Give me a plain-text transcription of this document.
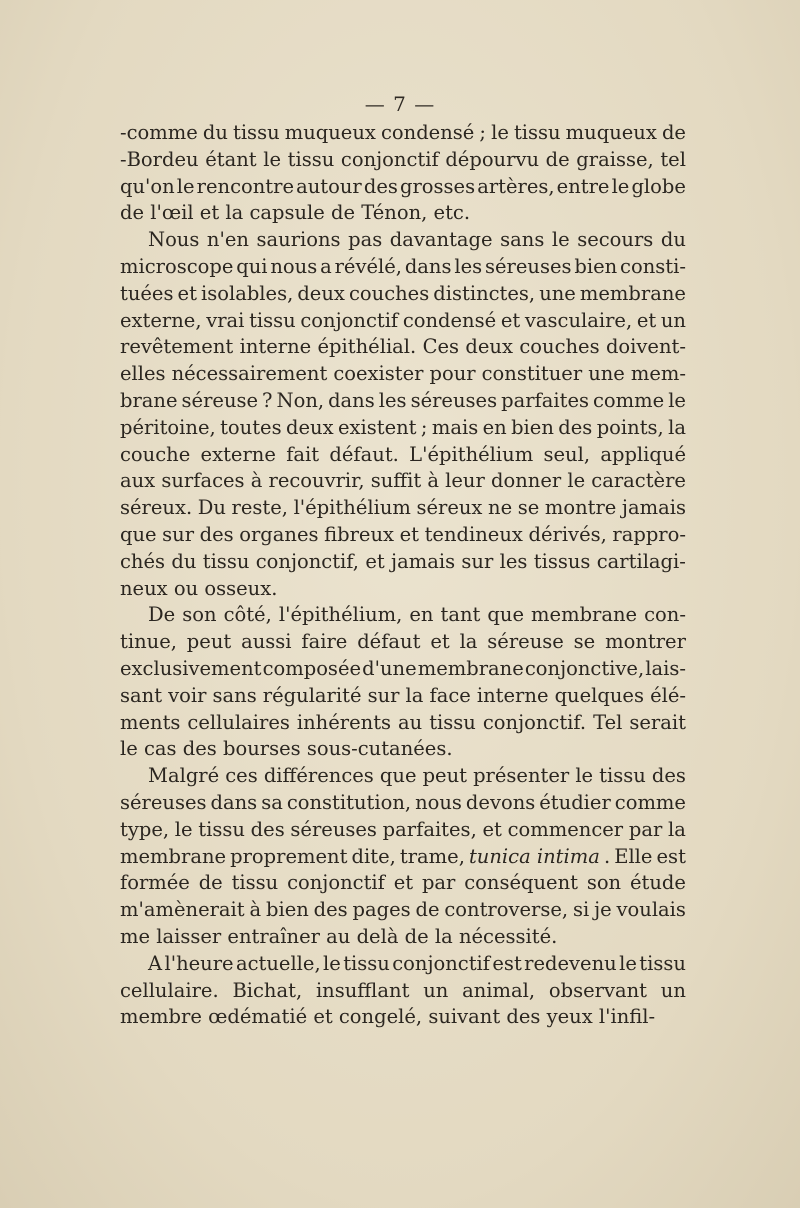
— 7 —
-comme du tissu muqueux condensé ; le tissu muqueux de
-Bordeu étant le tissu conjonctif dépourvu de graisse, tel
qu'on le rencontre autour des grosses artères, entre le globe
de l'œil et la capsule de Ténon, etc.
Nous n'en saurions pas davantage sans le secours du
microscope qui nous a révélé, dans les séreuses bien consti-
tuées et isolables, deux couches distinctes, une membrane
externe, vrai tissu conjonctif condensé et vasculaire, et un
revêtement interne épithélial. Ces deux couches doivent-
elles nécessairement coexister pour constituer une mem-
brane séreuse ? Non, dans les séreuses parfaites comme le
péritoine, toutes deux existent ; mais en bien des points, la
couche externe fait défaut. L'épithélium seul, appliqué
aux surfaces à recouvrir, suffit à leur donner le caractère
séreux. Du reste, l'épithélium séreux ne se montre jamais
que sur des organes fibreux et tendineux dérivés, rappro-
chés du tissu conjonctif, et jamais sur les tissus cartilagi-
neux ou osseux.
De son côté, l'épithélium, en tant que membrane con-
tinue, peut aussi faire défaut et la séreuse se montrer
exclusivement composée d'une membrane conjonctive, lais-
sant voir sans régularité sur la face interne quelques élé-
ments cellulaires inhérents au tissu conjonctif. Tel serait
le cas des bourses sous-cutanées.
Malgré ces différences que peut présenter le tissu des
séreuses dans sa constitution, nous devons étudier comme
type, le tissu des séreuses parfaites, et commencer par la
membrane proprement dite, trame, tunica intima . Elle est
formée de tissu conjonctif et par conséquent son étude
m'amènerait à bien des pages de controverse, si je voulais
me laisser entraîner au delà de la nécessité.
A l'heure actuelle, le tissu conjonctif est redevenu le tissu
cellulaire. Bichat, insufflant un animal, observant un
membre œdématié et congelé, suivant des yeux l'infil-
